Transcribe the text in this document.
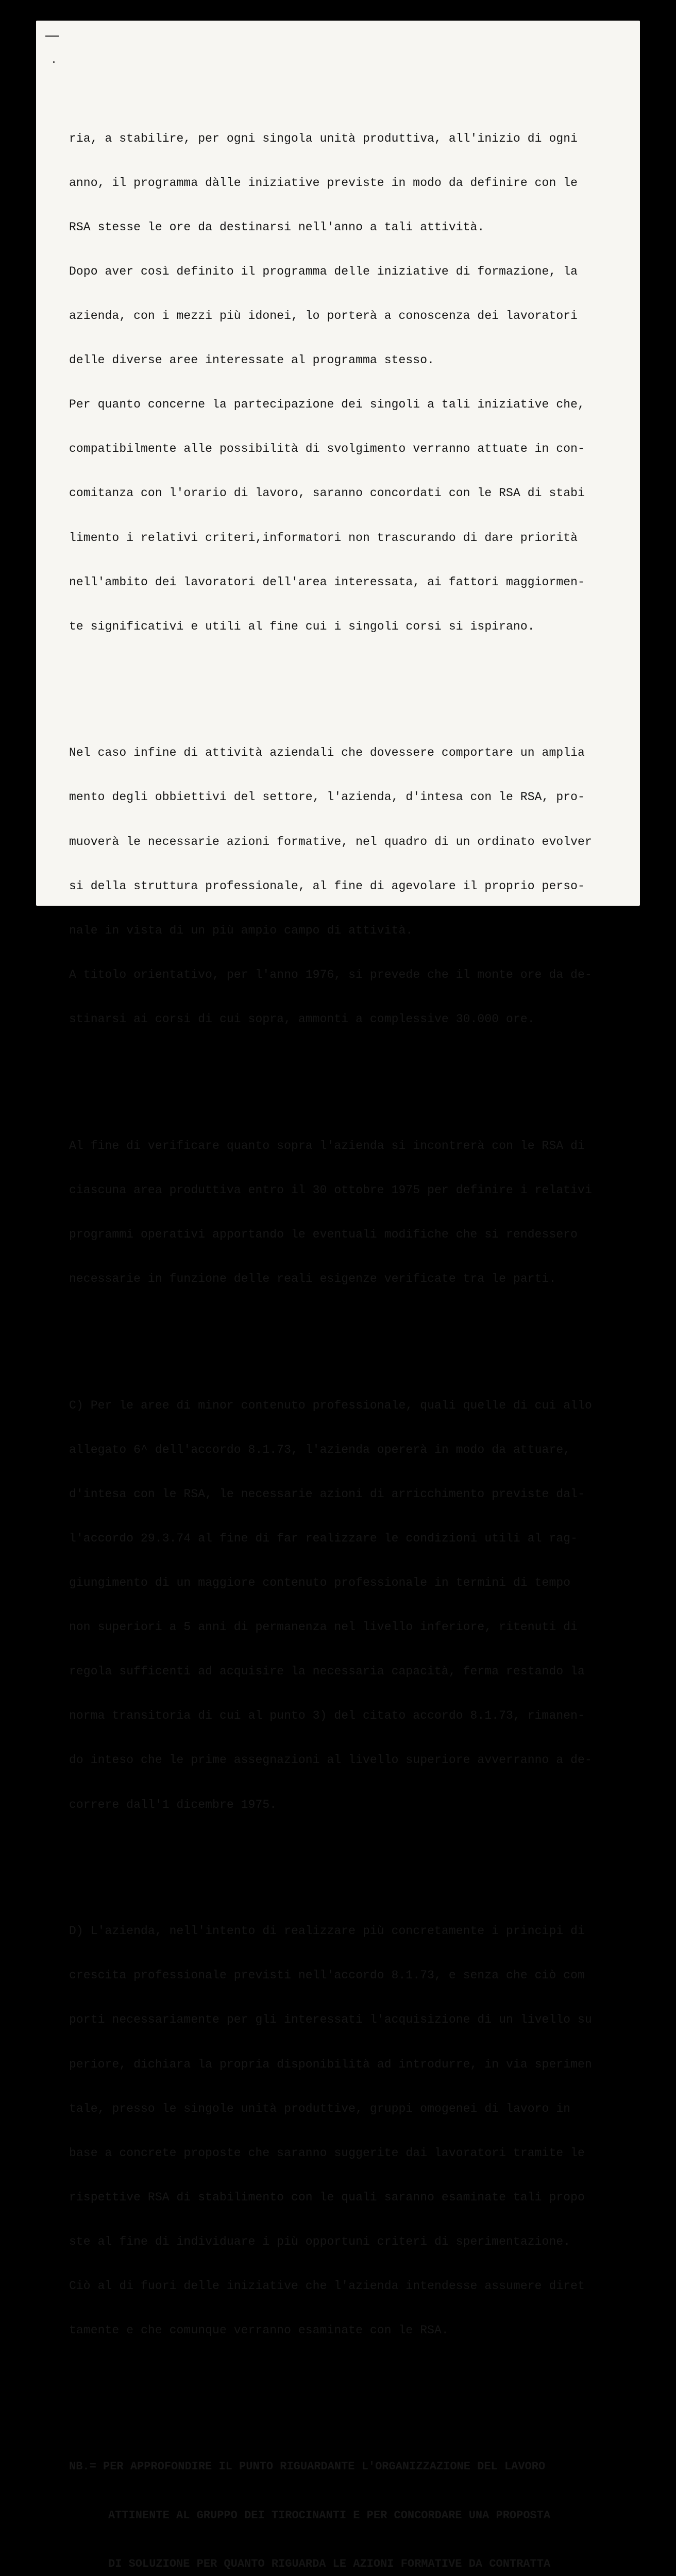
ria, a stabilire, per ogni singola unità produttiva, all'inizio di ogni

anno, il programma dàlle iniziative previste in modo da definire con le

RSA stesse le ore da destinarsi nell'anno a tali attività.

Dopo aver così definito il programma delle iniziative di formazione, la

azienda, con i mezzi più idonei, lo porterà a conoscenza dei lavoratori

delle diverse aree interessate al programma stesso.

Per quanto concerne la partecipazione dei singoli a tali iniziative che,

compatibilmente alle possibilità di svolgimento verranno attuate in con-

comitanza con l'orario di lavoro, saranno concordati con le RSA di stabi

limento i relativi criteri,informatori non trascurando di dare priorità

nell'ambito dei lavoratori dell'area interessata, ai fattori maggiormen-

te significativi e utili al fine cui i singoli corsi si ispirano.

Nel caso infine di attività aziendali che dovessere comportare un amplia

mento degli obbiettivi del settore, l'azienda, d'intesa con le RSA, pro-

muoverà le necessarie azioni formative, nel quadro di un ordinato evolver

si della struttura professionale, al fine di agevolare il proprio perso-

nale in vista di un più ampio campo di attività.

A titolo orientativo, per l'anno 1976, si prevede che il monte ore da de-

stinarsi ai corsi di cui sopra, ammonti a complessive 30.000 ore.

Al fine di verificare quanto sopra l'azienda si incontrerà con le RSA di

ciascuna area produttiva entro il 30 ottobre 1975 per definire i relativi

programmi operativi apportando le eventuali modifiche che si rendessero

necessarie in funzione delle reali esigenze verificate tra le parti.

C) Per le aree di minor contenuto professionale, quali quelle di cui allo

allegato 6^ dell'accordo 8.1.73, l'azienda opererà in modo da attuare,

d'intesa con le RSA, le necessarie azioni di arricchimento previste dal-

l'accordo 29.3.74 al fine di far realizzare le condizioni utili al rag-

giungimento di un maggiore contenuto professionale in termini di tempo

non superiori a 5 anni di permanenza nel livello inferiore, ritenuti di

regola sufficenti ad acquisire la necessaria capacità, ferma restando la

norma transitoria di cui al punto 3) del citato accordo 8.1.73, rimanen-

do inteso che le prime assegnazioni al livello superiore avverranno a de-

correre dall'1 dicembre 1975.

D) L'azienda, nell'intento di realizzare più concretamente i principi di

crescita professionale previsti nell'accordo 8.1.73, e senza che ciò com

porti necessariamente per gli interessati l'acquisizione di un livello su

periore, dichiara la propria disponibilità ad introdurre, in via sperimen

tale, presso le singole unità produttive, gruppi omogenei di lavoro in

base a concrete proposte che saranno suggerite dai lavoratori tramite le

rispettive RSA di stabilimento con le quali saranno esaminate tali propo

ste al fine di individuare i più opportuni criteri di sperimentazione.

Ciò al di fuori delle iniziative che l'azienda intendesse assumere diret

tamente e che comunque verranno esaminate con le RSA.

NB.= PER APPROFONDIRE IL PUNTO RIGUARDANTE L'ORGANIZZAZIONE DEL LAVORO

ATTINENTE AL GRUPPO DEI TIROCINANTI E PER CONCORDARE UNA PROPOSTA

DI SOLUZIONE PER QUANTO RIGUARDA LE AZIONI FORMATIVE DA CONTRATTA
